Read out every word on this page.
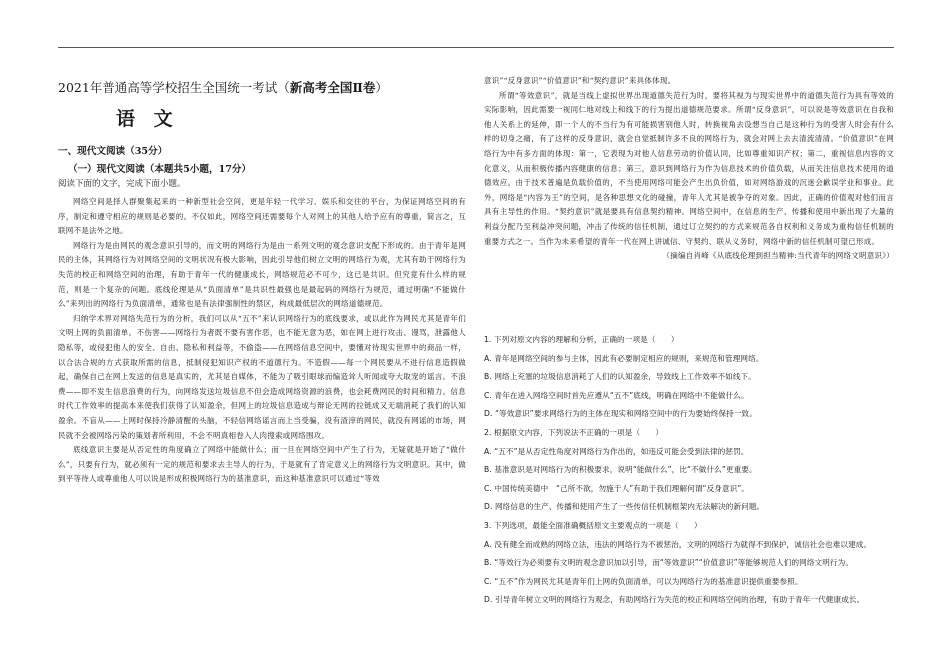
2021年普通高等学校招生全国统一考试（新高考全国Ⅱ卷）
语 文
一、现代文阅读（35分）
（一）现代文阅读（本题共5小题，17分）
阅读下面的文字，完成下面小题。

网络空间是择人群聚集起来的一种新型社会空间，更是年轻一代学习、娱乐和交往的平台，为保证网络空间的有序，制定和遵守相应的规则是必要的。不仅如此，网络空间还需要每个人对网上的其他人给予应有的尊重，简言之，互联网不是法外之地。

网络行为是由网民的观念意识引导的，而文明的网络行为是由一系列文明的观念意识支配下形成的。由于青年是网民的主体，其网络行为对网络空间的文明状况有极大影响，因此引导他们树立文明的网络行为观，尤其有助于网络行为失范的校正和网络空间的治理，有助于青年一代的健康成长，网络规范必不可少，这已是共识。但究竟有什么样的规范，则是一个复杂的问题。底线伦理是从“负面清单”是共识性最强也是最起码的网络行为规范，通过明确“不能做什么”来列出的网络行为负面清单，通常也是有法律强制性的禁区，构成最低层次的网络道德规范。

归纳学术界对网络失范行为的分析，我们可以从“五不”来认识网络行为的底线要求，或以此作为网民尤其是青年们文明上网的负面清单。不伤害——网络行为者既不要有害作恶，也不能无意为恶，如在网上进行攻击、谩骂，泄露他人隐私等，或侵犯他人的安全、自由、隐私和利益等，不偷盗——在网络信息空间中，要懂对待现实世界中的商品一样，以合法合规的方式获取所需的信息，抵制侵犯知识产权的不道德行为。不造假——每一个网民要从不进行信息造假做起，确保自己在网上发送的信息是真实的，尤其是自媒体，不能为了吸引眼球而编造耸人听闻或夸大取宠的谣言。不浪费——即不发生信息浪费的行为，向网络发送垃圾信息不但会造成网络资源的浪费，也会耗费网民的时间和精力。信息时代工作效率的提高本来使我们获得了认知盈余，但网上的垃圾信息造成与辩论无网的拉链成又无端消耗了我们的认知盈余。不盲从——上网时保持冷静清醒的头脑，不轻信网络谣言而上当受骗，没有渣滓的网民，就没有网谣的市场，网民就不会被网络污染的策划者所利用，不会不明真相卷入人肉搜索或网络围攻。

底线意识主要是从否定性的角度确立了网络中能做什么；而一旦在网络空间中产生了行为，无疑就是开始了“做什么”，只要有行为，就必须有一定的规范和要求去主导人的行为，于是就有了肯定意义上的网络行为文明意识。其中，做到平等待人或尊重他人可以说是形成积极网络行为的基准意识，而这种基准意识可以通过“等效

意识”“反身意识”“价值意识”和“契约意识”来具体体现。

所谓“等效意识”，就是当线上虚拟世界出现道德失范行为时，要将其视为与现实世界中的道德失范行为具有等效的实际影响，因此需要一视同仁地对线上和线下的行为提出道德规范要求。所谓“反身意识”，可以说是等效意识在自我和他人关系上的延伸，即一个人的不当行为有可能损害别他人时，转换视角去设想当自己是这种行为的受害人时会有什么样的切身之痛，有了这样的反身意识，就会自觉抵制许多不良的网络行为，就会对网上去去清流清清。“价值意识”在网络行为中有多方面的体现：第一，它表现为对他人信息劳动的价值认同，比如尊重知识产权；第二，重视信息内容的文化意义，从而积极传播内容健康的信息；第三，意识到网络行为作为信息技术的价值负载，从而关注信息技术使用的道德效应。由于技术普遍是负载价值的，不当使用网络可能会产生出负价值，如对网络游戏的沉迷会歉误学业和事业。此外，网络是“内容为王”的空间，是各种思想文化的碰撞，青年人尤其是被争夺的对象。因此，正确的价值观对他们而言具有主导性的作用。“契约意识”就是要具有信息契约精神。网络空间中，在信息的生产、传播和使用中新出现了大量的利益分配乃至利益冲突问题，冲击了传统的信任机制，通过订立契约的方式来规范各自权利和义务成为重构信任机制的重要方式之一。当作为未来希望的青年一代在网上讲诚信、守契约、联从义务时，网络中新的信任机制可望已形成。

（摘编自肖峰《从底线伦理到担当精神:当代青年的网络文明意识》）

1. 下列对原文内容的理解和分析，正确的一项是（　　）
A. 青年是网络空间的参与主体，因此有必要制定相应的规则，来规范和管理网络。
B. 网络上充塞的垃圾信息消耗了人们的认知盈余，导致线上工作效率不如线下。
C. 青年在进入网络空间时首先应遵从“五不”底线，明确在网络中不能做什么。
D. “等效意识”要求网络行为的主体在现实和网络空间中的行为要始终保持一致。
2. 根据原文内容，下列说法不正确的一项是（　　）
A. “五不”是从否定性角度对网络行为作出的，如违反可能会受到法律的惩罚。
B. 基准意识是对网络行为的积极要求，说明“能做什么”，比“不做什么”更重要。
C. 中国传统美德中　“己所不欲，勿施于人”有助于我们理解何谓“反身意识”。
D. 网络信息的生产、传播和使用产生了一些传信任机制框架内无法解决的新问题。
3. 下列选项，最能全面准确概括原文主要观点的一项是（　　）
A. 没有健全而成熟的网络立法，违法的网络行为不被惩治，文明的网络行为就得不到保护，诚信社会也难以建成。
B. “等效行为必须要有文明的观念意识加以引导，而“等效意识”“价值意识”等能够规范人们的网络文明行为。
C. “五不”作为网民尤其是青年们上网的负面清单，可以为网络行为的基准意识提供重要参照。
D. 引导青年树立文明的网络行为观念，有助网络行为失范的校正和网络空间的治理，有助于青年一代健康成长。
